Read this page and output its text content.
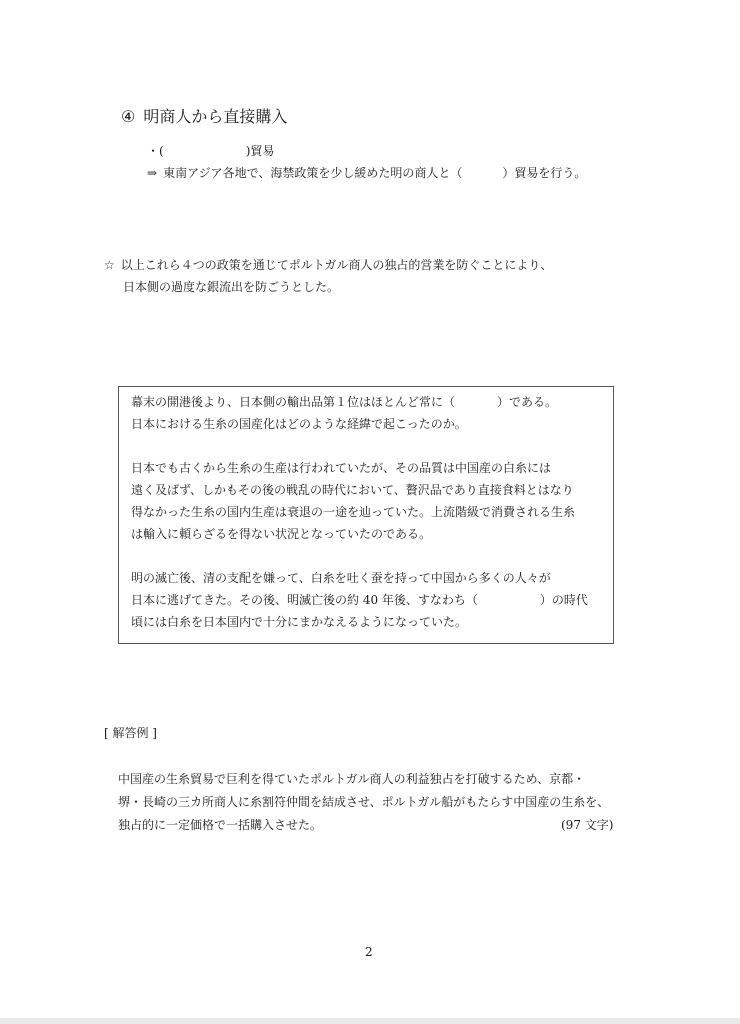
④ 明商人から直接購入
・(	)貿易
⇒ 東南アジア各地で、海禁政策を少し緩めた明の商人と（	）貿易を行う。
☆ 以上これら４つの政策を通じてポルトガル商人の独占的営業を防ぐことにより、
日本側の過度な銀流出を防ごうとした。
幕末の開港後より、日本側の輸出品第１位はほとんど常に（	）である。
日本における生糸の国産化はどのような経緯で起こったのか。
日本でも古くから生糸の生産は行われていたが、その品質は中国産の白糸には
遠く及ばず、しかもその後の戦乱の時代において、贅沢品であり直接食料とはなり
得なかった生糸の国内生産は衰退の一途を辿っていた。上流階級で消費される生糸
は輸入に頼らざるを得ない状況となっていたのである。
明の滅亡後、清の支配を嫌って、白糸を吐く蚕を持って中国から多くの人々が
日本に逃げてきた。その後、明滅亡後の約 40 年後、すなわち（	）の時代
頃には白糸を日本国内で十分にまかなえるようになっていた。
[ 解答例 ]
中国産の生糸貿易で巨利を得ていたポルトガル商人の利益独占を打破するため、京都・
堺・長崎の三カ所商人に糸割符仲間を結成させ、ポルトガル船がもたらす中国産の生糸を、
独占的に一定価格で一括購入させた。	(97 文字)
2
